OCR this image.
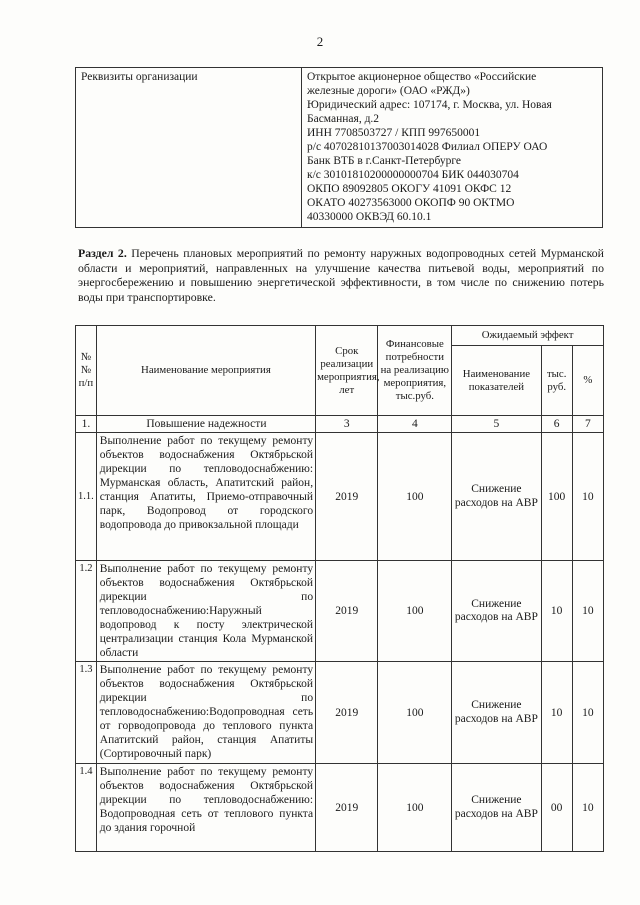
2
Реквизиты организации	Открытое акционерное общество «Российские
железные дороги» (ОАО «РЖД»)
Юридический адрес: 107174, г. Москва, ул. Новая
Басманная, д.2
ИНН 7708503727 / КПП 997650001
р/с 40702810137003014028 Филиал ОПЕРУ ОАО
Банк ВТБ в г.Санкт-Петербурге
к/с 30101810200000000704 БИК 044030704
ОКПО 89092805 ОКОГУ 41091 ОКФС 12
ОКАТО 40273563000 ОКОПФ 90 ОКТМО
40330000 ОКВЭД 60.10.1
Раздел 2. Перечень плановых мероприятий по ремонту наружных водопроводных сетей Мурманской области и мероприятий, направленных на улучшение качества питьевой воды, мероприятий по энергосбережению и повышению энергетической эффективности, в том числе по снижению потерь воды при транспортировке.
№№ п/п	Наименование мероприятия	Срок реализации мероприятия, лет	Финансовые потребности на реализацию мероприятия, тыс.руб.	Ожидаемый эффект		
				Наименование показателей	тыс. руб.	%
1.	Повышение надежности	3	4	5	6	7
1.1.	Выполнение работ по текущему ремонту объектов водоснабжения Октябрьской дирекции по тепловодоснабжению: Мурманская область, Апатитский район, станция Апатиты, Приемо-отправочный парк, Водопровод от городского водопровода до привокзальной площади	2019	100	Снижение расходов на АВР	100	10
1.2	Выполнение работ по текущему ремонту объектов водоснабжения Октябрьской дирекции по тепловодоснабжению:Наружный водопровод к посту электрической централизации станция Кола Мурманской области	2019	100	Снижение расходов на АВР	10	10
1.3	Выполнение работ по текущему ремонту объектов водоснабжения Октябрьской дирекции по тепловодоснабжению:Водопроводная сеть от горводопровода до теплового пункта Апатитский район, станция Апатиты (Сортировочный парк)	2019	100	Снижение расходов на АВР	10	10
1.4	Выполнение работ по текущему ремонту объектов водоснабжения Октябрьской дирекции по тепловодоснабжению: Водопроводная сеть от теплового пункта до здания горочной	2019	100	Снижение расходов на АВР	00	10
